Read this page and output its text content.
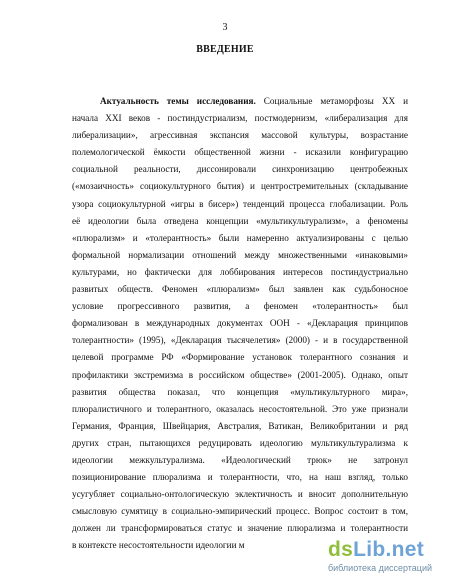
3
ВВЕДЕНИЕ
Актуальность темы исследования. Социальные метаморфозы XX и
начала XXI веков - постиндустриализм, постмодернизм, «либерализация для
либерализации», агрессивная экспансия массовой культуры, возрастание
полемологической ёмкости общественной жизни - исказили конфигурацию
социальной реальности, диссонировали синхронизацию центробежных
(«мозаичность» социокультурного бытия) и центростремительных (складывание
узора социокультурной «игры в бисер») тенденций процесса глобализации. Роль
её идеологии была отведена концепции «мультикультурализм», а феномены
«плюрализм» и «толерантность» были намеренно актуализированы с целью
формальной нормализации отношений между множественными «инаковыми»
культурами, но фактически для лоббирования интересов постиндустриально
развитых обществ. Феномен «плюрализм» был заявлен как судьбоносное
условие прогрессивного развития, а феномен «толерантность» был
формализован в международных документах ООН - «Декларация принципов
толерантности» (1995), «Декларация тысячелетия» (2000) - и в государственной
целевой программе РФ «Формирование установок толерантного сознания и
профилактики экстремизма в российском обществе» (2001-2005). Однако, опыт
развития общества показал, что концепция «мультикультурного мира»,
плюралистичного и толерантного, оказалась несостоятельной. Это уже признали
Германия, Франция, Швейцария, Австралия, Ватикан, Великобритании и ряд
других стран, пытающихся редуцировать идеологию мультикультурализма к
идеологии межкультурализма. «Идеологический трюк» не затронул
позиционирование плюрализма и толерантности, что, на наш взгляд, только
усугубляет социально-онтологическую эклектичность и вносит дополнительную
смысловую сумятицу в социально-эмпирический процесс. Вопрос состоит в том,
должен ли трансформироваться статус и значение плюрализма и толерантности
в контексте несостоятельности идеологии м	dsLib.net
библиотека диссертаций
